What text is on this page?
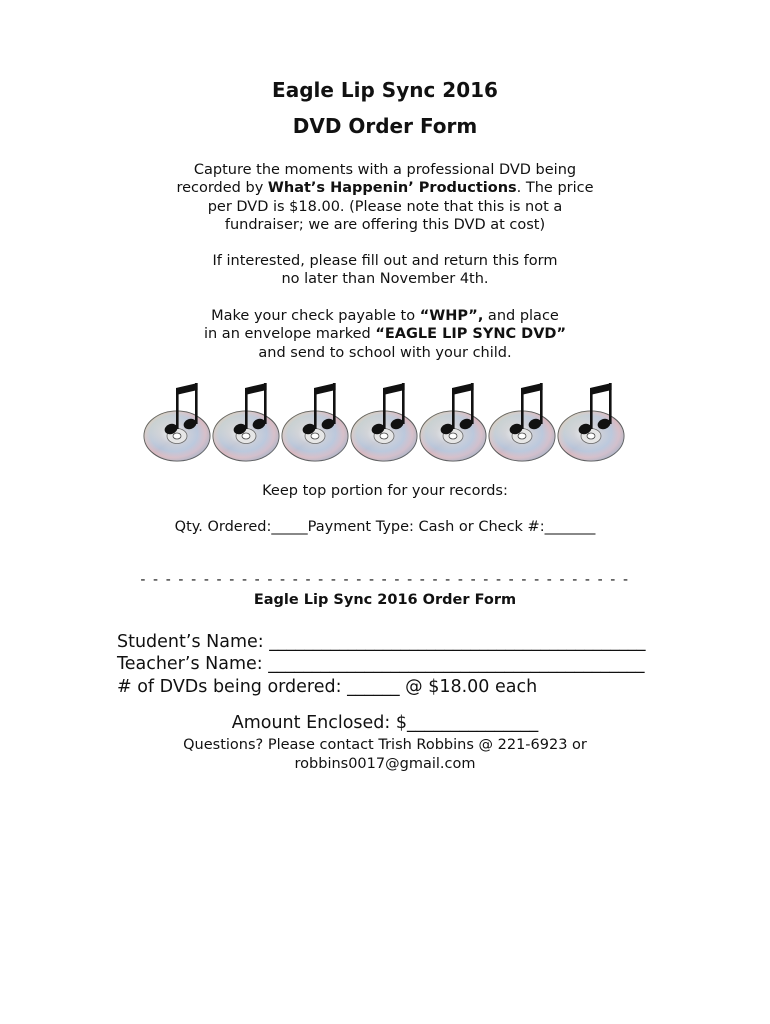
Eagle Lip Sync 2016
DVD Order Form
Capture the moments with a professional DVD being
recorded by What’s Happenin’ Productions. The price
per DVD is $18.00. (Please note that this is not a
fundraiser; we are offering this DVD at cost)
If interested, please fill out and return this form
no later than November 4th.
Make your check payable to “WHP”, and place
in an envelope marked “EAGLE LIP SYNC DVD”
and send to school with your child.
Keep top portion for your records:
Qty. Ordered:_____Payment Type: Cash or Check #:_______
- - - - - - - - - - - - - - - - - - - - - - - - - - - - - - - - - - - - - - -
Eagle Lip Sync 2016 Order Form
Student’s Name: ___________________________________________
Teacher’s Name: ___________________________________________
# of DVDs being ordered: ______ @ $18.00 each
Amount Enclosed: $_______________
Questions? Please contact Trish Robbins @ 221-6923 or
robbins0017@gmail.com
